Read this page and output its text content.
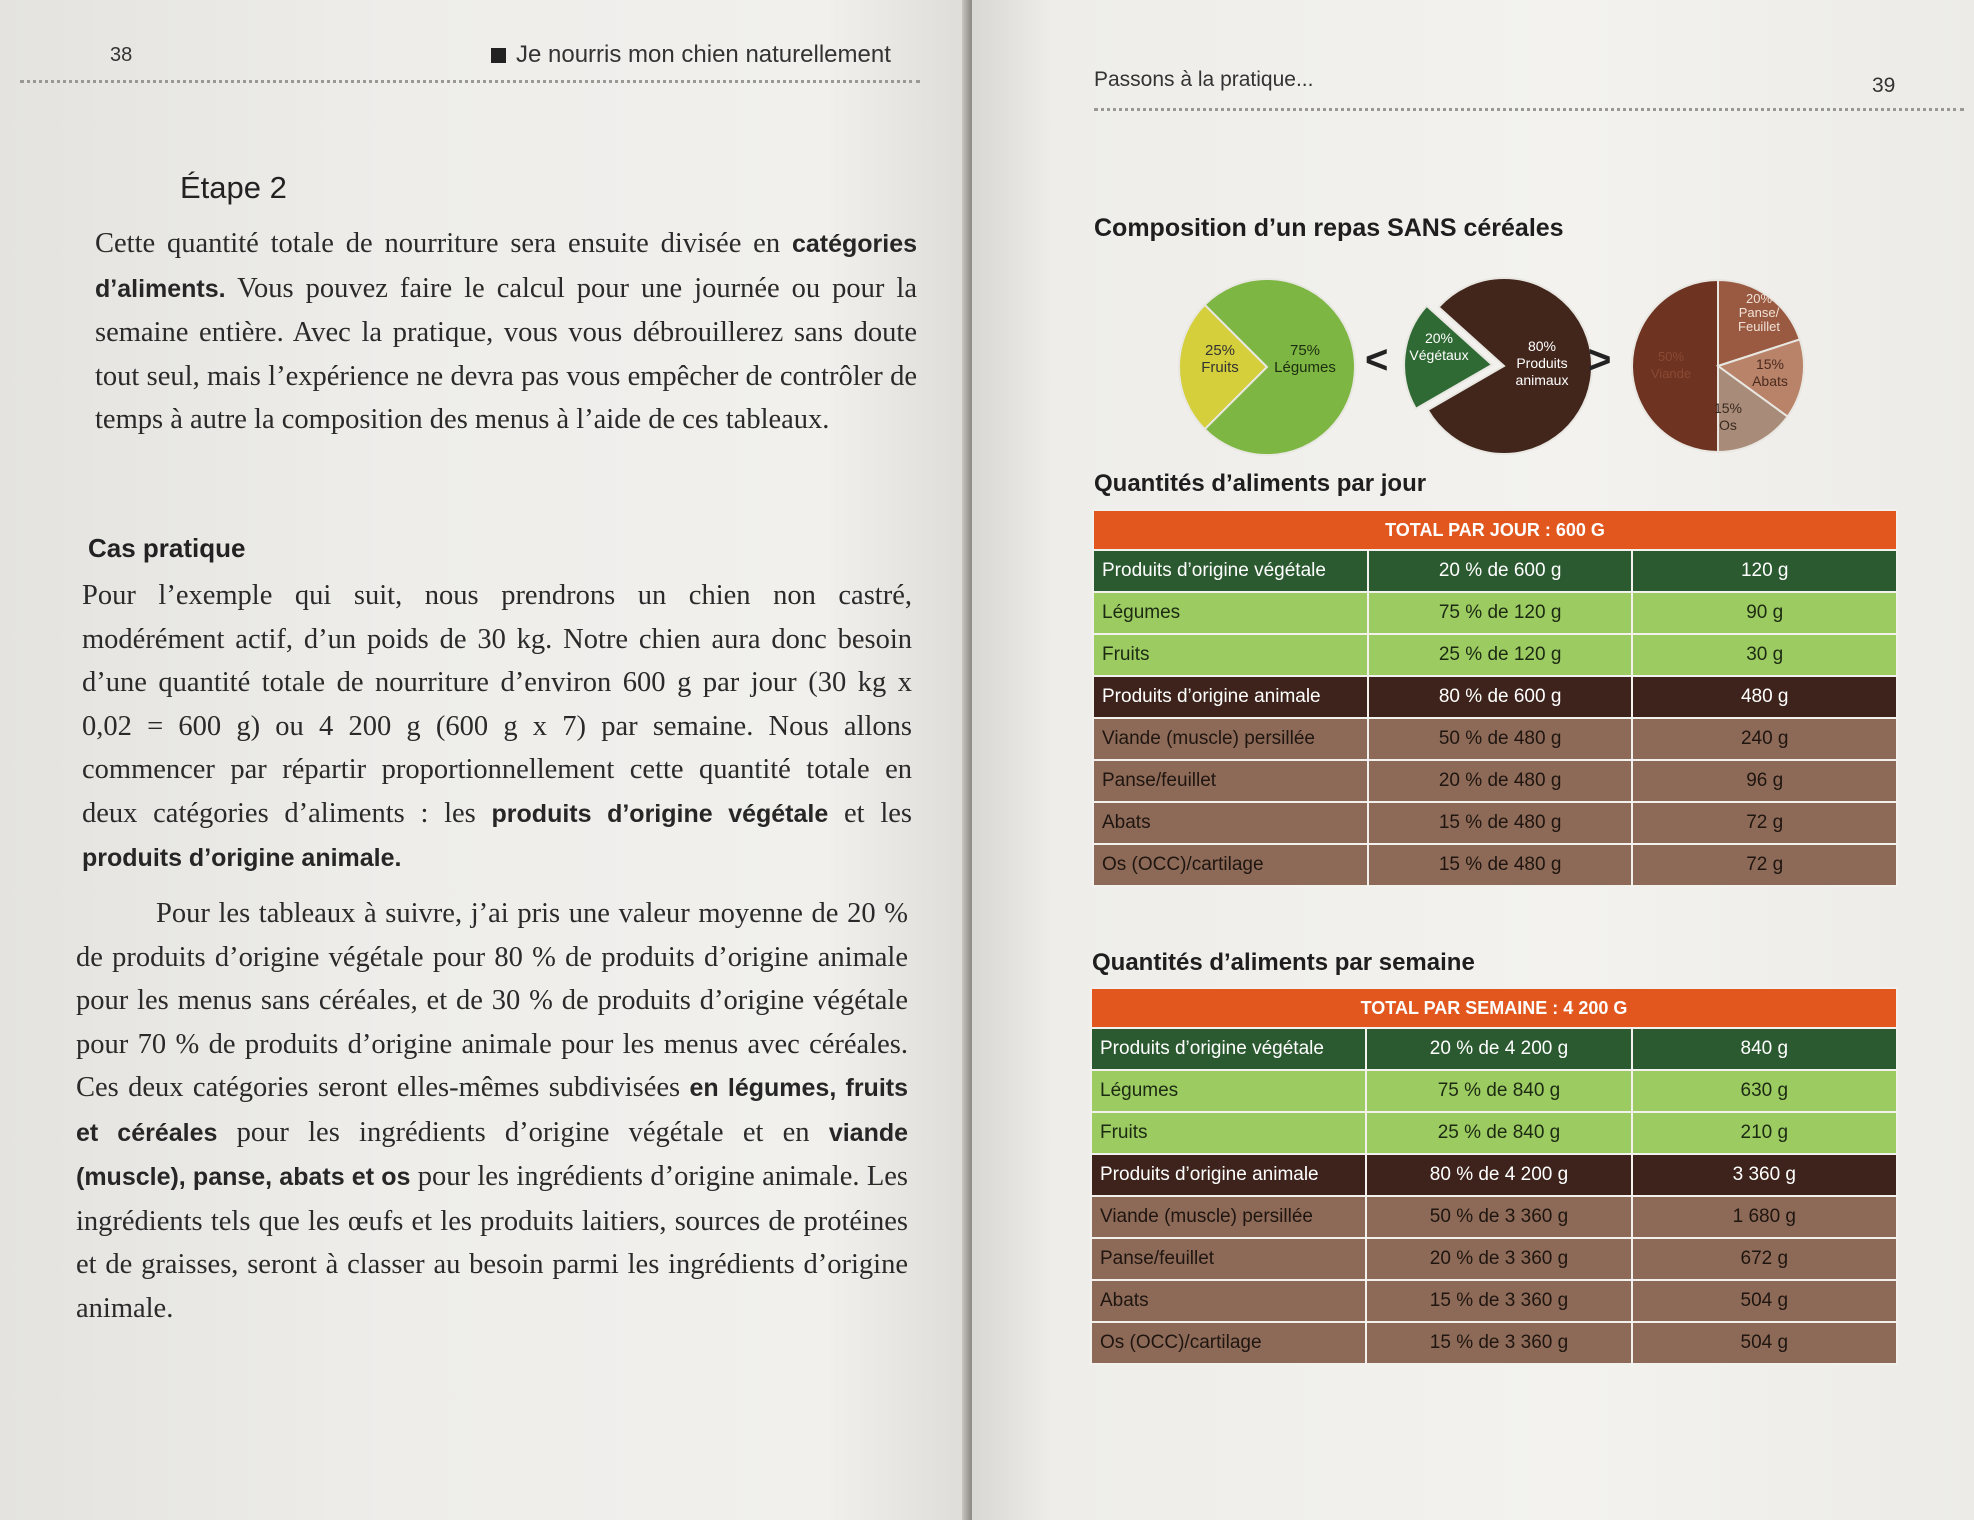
38	Je nourris mon chien naturellement
Étape 2
Cette quantité totale de nourriture sera ensuite divisée en catégories d’aliments. Vous pouvez faire le calcul pour une journée ou pour la semaine entière. Avec la pratique, vous vous débrouillerez sans doute tout seul, mais l’expérience ne devra pas vous empêcher de contrôler de temps à autre la composition des menus à l’aide de ces tableaux.
Cas pratique
Pour l’exemple qui suit, nous prendrons un chien non castré, modérément actif, d’un poids de 30 kg. Notre chien aura donc besoin d’une quantité totale de nourriture d’environ 600 g par jour (30 kg x 0,02 = 600 g) ou 4 200 g (600 g x 7) par semaine. Nous allons commencer par répartir proportionnellement cette quantité totale en deux catégories d’aliments : les produits d’origine végétale et les produits d’origine animale.
Pour les tableaux à suivre, j’ai pris une valeur moyenne de 20 % de produits d’origine végétale pour 80 % de produits d’origine animale pour les menus sans céréales, et de 30 % de produits d’origine végétale pour 70 % de produits d’origine animale pour les menus avec céréales. Ces deux catégories seront elles-mêmes subdivisées en légumes, fruits et céréales pour les ingrédients d’origine végétale et en viande (muscle), panse, abats et os pour les ingrédients d’origine animale. Les ingrédients tels que les œufs et les produits laitiers, sources de protéines et de graisses, seront à classer au besoin parmi les ingrédients d’origine animale.
Passons à la pratique...	39
Composition d’un repas SANS céréales
25%
Fruits
75%
Légumes <	20%
Végétaux
80%
Produits animaux >	50%
Viande
20%
Panse/ Feuillet
15%
Abats
15%
Os
Quantités d’aliments par jour
TOTAL PAR JOUR : 600 G		
Produits d’origine végétale	20 % de 600 g	120 g
Légumes	75 % de 120 g	90 g
Fruits	25 % de 120 g	30 g
Produits d’origine animale	80 % de 600 g	480 g
Viande (muscle) persillée	50 % de 480 g	240 g
Panse/feuillet	20 % de 480 g	96 g
Abats	15 % de 480 g	72 g
Os (OCC)/cartilage	15 % de 480 g	72 g
Quantités d’aliments par semaine
TOTAL PAR SEMAINE : 4 200 G		
Produits d’origine végétale	20 % de 4 200 g	840 g
Légumes	75 % de 840 g	630 g
Fruits	25 % de 840 g	210 g
Produits d’origine animale	80 % de 4 200 g	3 360 g
Viande (muscle) persillée	50 % de 3 360 g	1 680 g
Panse/feuillet	20 % de 3 360 g	672 g
Abats	15 % de 3 360 g	504 g
Os (OCC)/cartilage	15 % de 3 360 g	504 g
